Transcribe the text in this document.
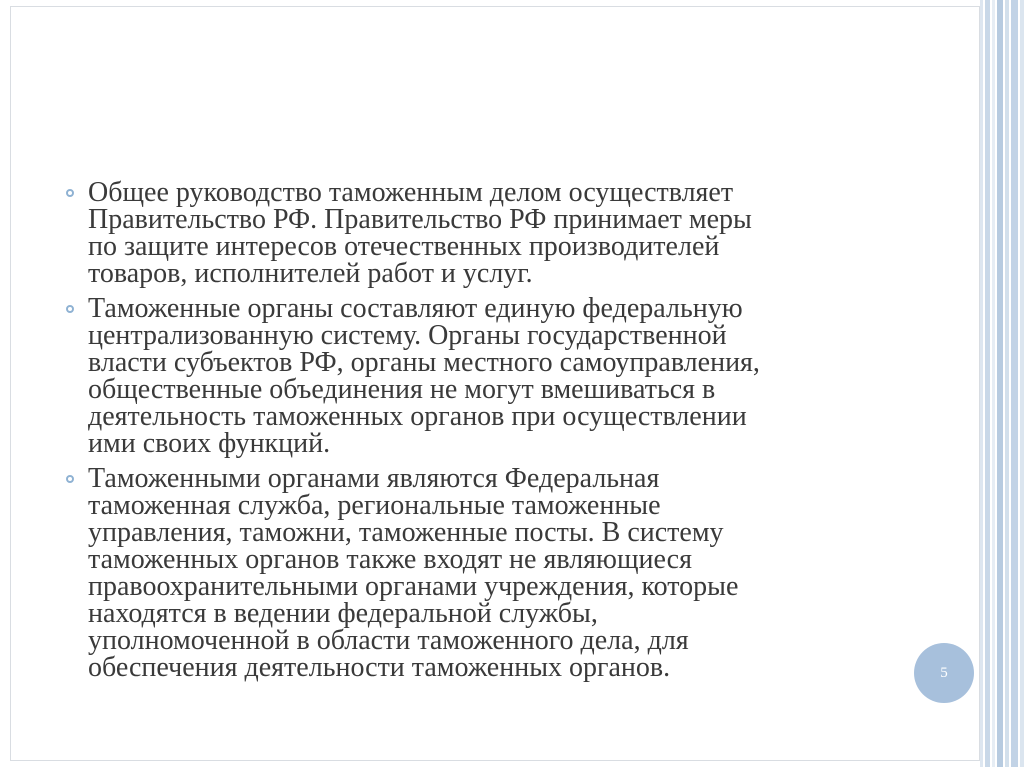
Общее руководство таможенным делом осуществляет
Правительство РФ. Правительство РФ принимает меры
по защите интересов отечественных производителей
товаров, исполнителей работ и услуг.
Таможенные органы составляют единую федеральную
централизованную систему. Органы государственной
власти субъектов РФ, органы местного самоуправления,
общественные объединения не могут вмешиваться в
деятельность таможенных органов при осуществлении
ими своих функций.
Таможенными органами являются Федеральная
таможенная служба, региональные таможенные
управления, таможни, таможенные посты. В систему
таможенных органов также входят не являющиеся
правоохранительными органами учреждения, которые
находятся в ведении федеральной службы,
уполномоченной в области таможенного дела, для
обеспечения деятельности таможенных органов.	5
